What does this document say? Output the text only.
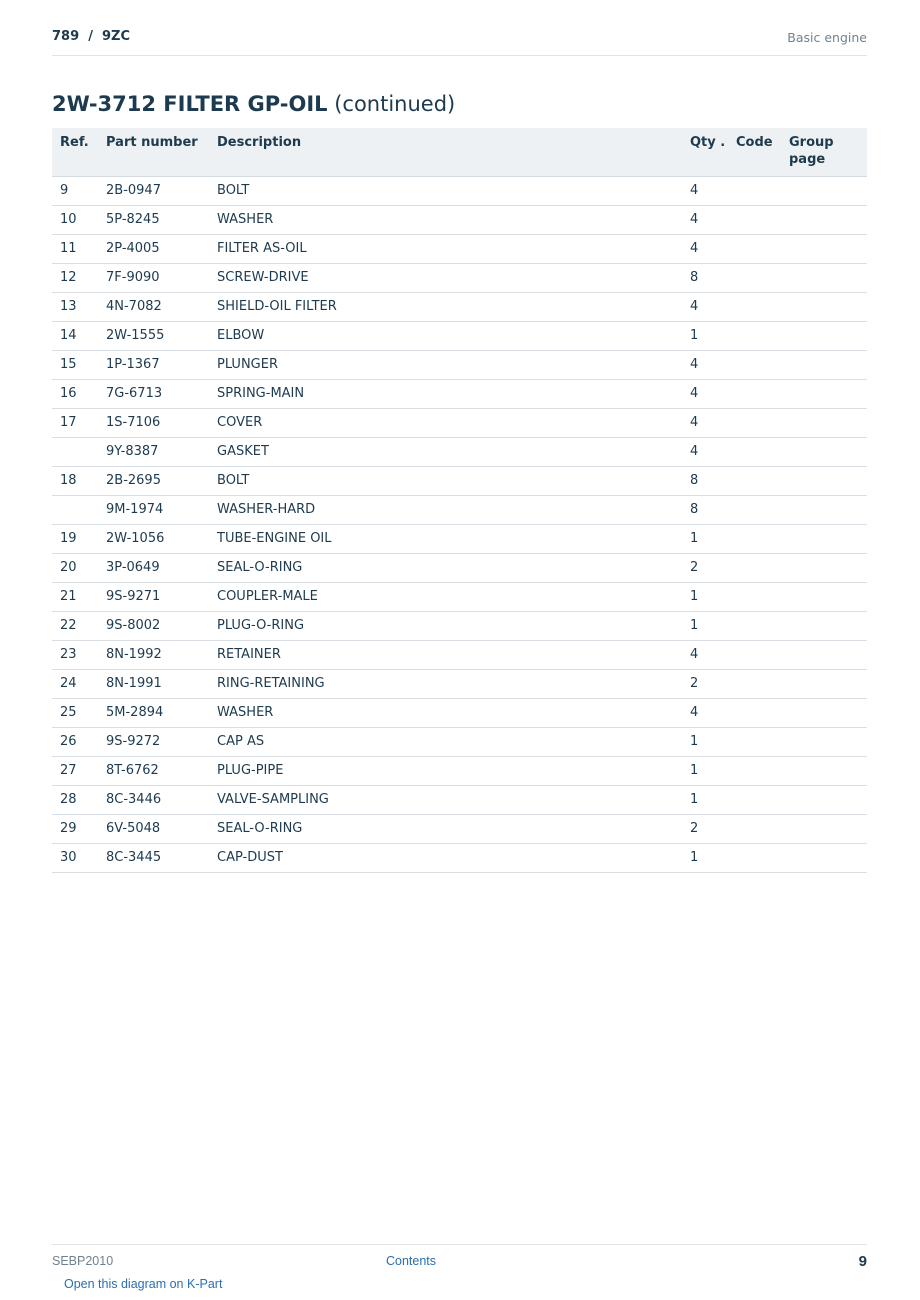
789  /  9ZC	Basic engine
2W-3712 FILTER GP-OIL (continued)
Ref.	Part number	Description	Qty .	Code	Group page
9	2B-0947	BOLT	4		
10	5P-8245	WASHER	4		
11	2P-4005	FILTER AS-OIL	4		
12	7F-9090	SCREW-DRIVE	8		
13	4N-7082	SHIELD-OIL FILTER	4		
14	2W-1555	ELBOW	1		
15	1P-1367	PLUNGER	4		
16	7G-6713	SPRING-MAIN	4		
17	1S-7106	COVER	4		
	9Y-8387	GASKET	4		
18	2B-2695	BOLT	8		
	9M-1974	WASHER-HARD	8		
19	2W-1056	TUBE-ENGINE OIL	1		
20	3P-0649	SEAL-O-RING	2		
21	9S-9271	COUPLER-MALE	1		
22	9S-8002	PLUG-O-RING	1		
23	8N-1992	RETAINER	4		
24	8N-1991	RING-RETAINING	2		
25	5M-2894	WASHER	4		
26	9S-9272	CAP AS	1		
27	8T-6762	PLUG-PIPE	1		
28	8C-3446	VALVE-SAMPLING	1		
29	6V-5048	SEAL-O-RING	2		
30	8C-3445	CAP-DUST	1		
SEBP2010	Contents	9
Open this diagram on K-Part
